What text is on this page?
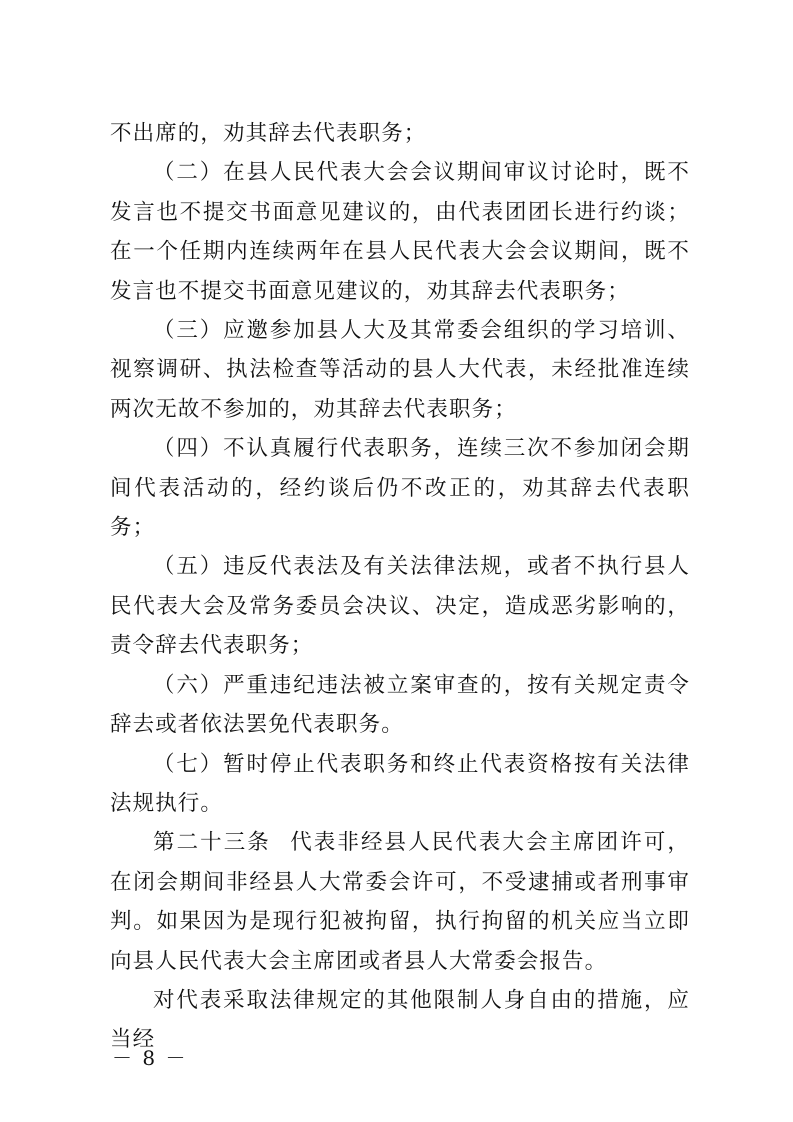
不出席的，劝其辞去代表职务；

（二）在县人民代表大会会议期间审议讨论时，既不发言也不提交书面意见建议的，由代表团团长进行约谈；在一个任期内连续两年在县人民代表大会会议期间，既不发言也不提交书面意见建议的，劝其辞去代表职务；

（三）应邀参加县人大及其常委会组织的学习培训、视察调研、执法检查等活动的县人大代表，未经批准连续两次无故不参加的，劝其辞去代表职务；

（四）不认真履行代表职务，连续三次不参加闭会期间代表活动的，经约谈后仍不改正的，劝其辞去代表职务；

（五）违反代表法及有关法律法规，或者不执行县人民代表大会及常务委员会决议、决定，造成恶劣影响的，责令辞去代表职务；

（六）严重违纪违法被立案审查的，按有关规定责令辞去或者依法罢免代表职务。

（七）暂时停止代表职务和终止代表资格按有关法律法规执行。

第二十三条 代表非经县人民代表大会主席团许可，在闭会期间非经县人大常委会许可，不受逮捕或者刑事审判。如果因为是现行犯被拘留，执行拘留的机关应当立即向县人民代表大会主席团或者县人大常委会报告。

对代表采取法律规定的其他限制人身自由的措施，应当经

－ 8 －
